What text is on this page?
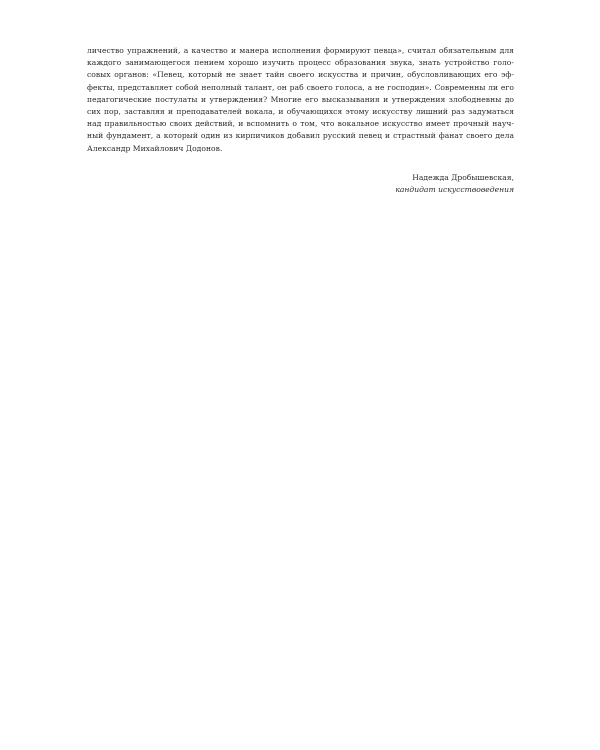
личество упражнений, а качество и манера исполнения формируют певца», считал обязательным для
каждого занимающегося пением хорошо изучить процесс образования звука, знать устройство голо-
совых органов: «Певец, который не знает тайн своего искусства и причин, обусловливающих его эф-
фекты, представляет собой неполный талант, он раб своего голоса, а не господин». Современны ли его
педагогические постулаты и утверждения? Многие его высказывания и утверждения злободневны до
сих пор, заставляя и преподавателей вокала, и обучающихся этому искусству лишний раз задуматься
над правильностью своих действий, и вспомнить о том, что вокальное искусство имеет прочный науч-
ный фундамент, а который один из кирпичиков добавил русский певец и страстный фанат своего дела
Александр Михайлович Додонов.
Надежда Дробышевская,
кандидат искусствоведения
